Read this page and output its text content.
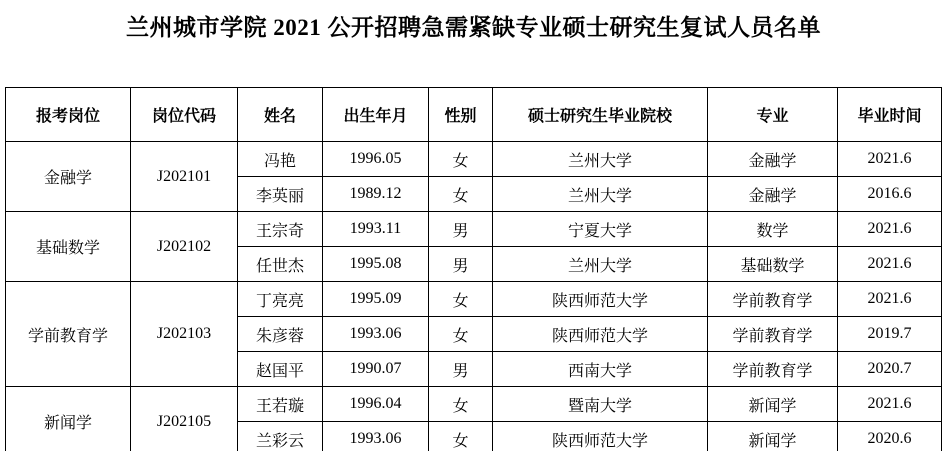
兰州城市学院 2021 公开招聘急需紧缺专业硕士研究生复试人员名单
报考岗位	岗位代码	姓名	出生年月	性别	硕士研究生毕业院校	专业	毕业时间
金融学	J202101	冯艳	1996.05	女	兰州大学	金融学	2021.6
		李英丽	1989.12	女	兰州大学	金融学	2016.6
基础数学	J202102	王宗奇	1993.11	男	宁夏大学	数学	2021.6
		任世杰	1995.08	男	兰州大学	基础数学	2021.6
学前教育学	J202103	丁亮亮	1995.09	女	陕西师范大学	学前教育学	2021.6
		朱彦蓉	1993.06	女	陕西师范大学	学前教育学	2019.7
		赵国平	1990.07	男	西南大学	学前教育学	2020.7
新闻学	J202105	王若璇	1996.04	女	暨南大学	新闻学	2021.6
		兰彩云	1993.06	女	陕西师范大学	新闻学	2020.6
